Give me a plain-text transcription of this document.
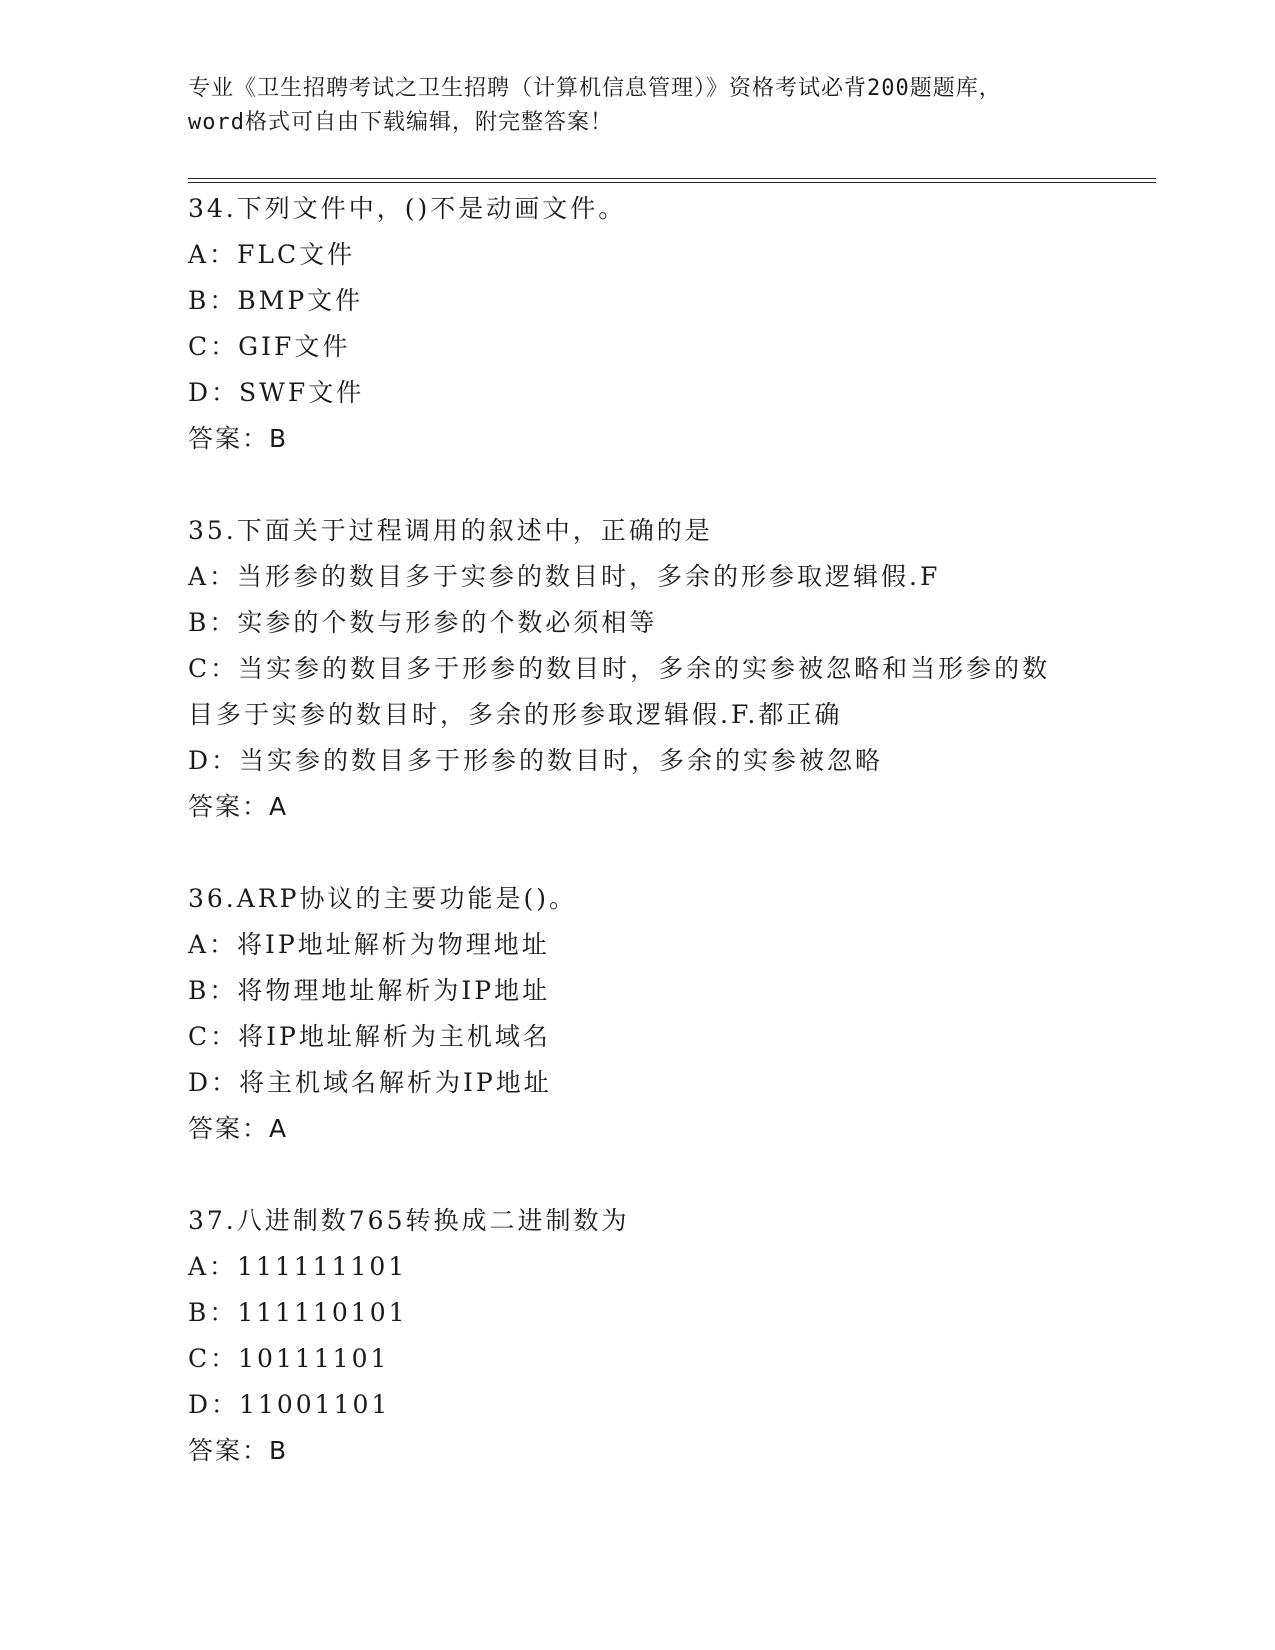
专业《卫生招聘考试之卫生招聘（计算机信息管理）》资格考试必背200题题库，
word格式可自由下载编辑，附完整答案！
34.下列文件中，()不是动画文件。
A：FLC文件
B：BMP文件
C：GIF文件
D：SWF文件
答案：B
35.下面关于过程调用的叙述中，正确的是
A：当形参的数目多于实参的数目时，多余的形参取逻辑假.F
B：实参的个数与形参的个数必须相等
C：当实参的数目多于形参的数目时，多余的实参被忽略和当形参的数
目多于实参的数目时，多余的形参取逻辑假.F.都正确
D：当实参的数目多于形参的数目时，多余的实参被忽略
答案：A
36.ARP协议的主要功能是()。
A：将IP地址解析为物理地址
B：将物理地址解析为IP地址
C：将IP地址解析为主机域名
D：将主机域名解析为IP地址
答案：A
37.八进制数765转换成二进制数为
A：111111101
B：111110101
C：10111101
D：11001101
答案：B
